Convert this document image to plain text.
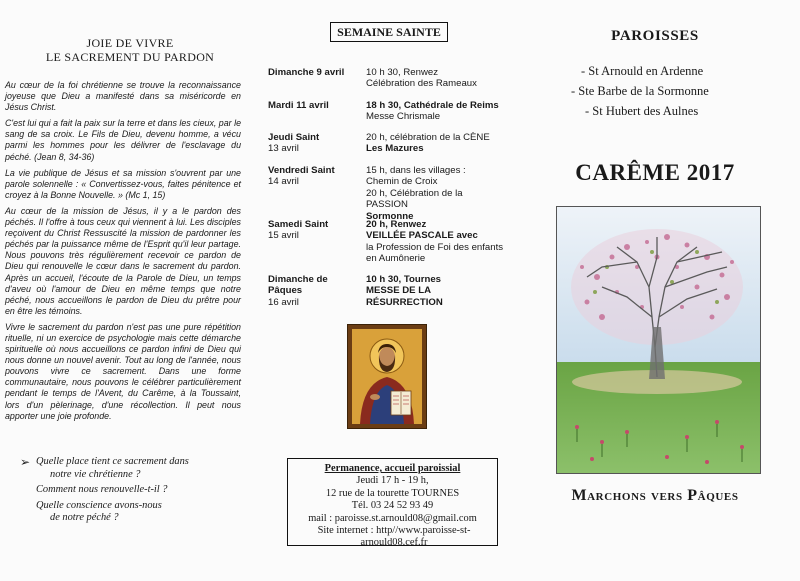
JOIE DE VIVRE
LE SACREMENT DU PARDON

Au cœur de la foi chrétienne se trouve la reconnaissance joyeuse que Dieu a manifesté dans sa miséricorde en Jésus Christ.

C'est lui qui a fait la paix sur la terre et dans les cieux, par le sang de sa croix. Le Fils de Dieu, devenu homme, a vécu parmi les hommes pour les délivrer de l'esclavage du péché. (Jean 8, 34-36)

La vie publique de Jésus et sa mission s'ouvrent par une parole solennelle : « Convertissez-vous, faites pénitence et croyez à la Bonne Nouvelle. » (Mc 1, 15)

Au cœur de la mission de Jésus, il y a le pardon des péchés. Il l'offre à tous ceux qui viennent à lui. Les disciples reçoivent du Christ Ressuscité la mission de pardonner les péchés par la puissance même de l'Esprit qu'il leur partage. Nous pouvons très régulièrement recevoir ce pardon de Dieu qui renouvelle le cœur dans le sacrement du pardon. Après un accueil, l'écoute de la Parole de Dieu, un temps d'aveu où l'amour de Dieu en même temps que notre péché, nous accueillons le pardon de Dieu du prêtre pour en être les témoins.

Vivre le sacrement du pardon n'est pas une pure répétition rituelle, ni un exercice de psychologie mais cette démarche spirituelle où nous accueillons ce pardon infini de Dieu qui nous donne un nouvel avenir. Tout au long de l'année, nous pouvons vivre ce sacrement. Dans une forme communautaire, nous pouvons le célébrer particulièrement pendant le temps de l'Avent, du Carême, à la Toussaint, lors d'un pèlerinage, d'une récollection. Il peut nous apporter une joie profonde.

➢ Quelle place tient ce sacrement dans
notre vie chrétienne ?
Comment nous renouvelle-t-il ?
Quelle conscience avons-nous
de notre péché ?
SEMAINE SAINTE
Dimanche 9 avril	10 h 30, Renwez
Célébration des Rameaux
Mardi 11 avril	18 h 30, Cathédrale de Reims
Messe Chrismale
Jeudi Saint
13 avril
20 h, célébration de la CÈNE
Les Mazures
Vendredi Saint
14 avril
15 h, dans les villages :
Chemin de Croix
20 h, Célébration de la PASSION
Sormonne
Samedi Saint
15 avril
20 h, Renwez
VEILLÉE PASCALE avec
la Profession de Foi des enfants
en Aumônerie
Dimanche de Pâques
16 avril
10 h 30, Tournes
MESSE DE LA RÉSURRECTION
Permanence, accueil paroissial
Jeudi 17 h - 19 h,
12 rue de la tourette TOURNES
Tél. 03 24 52 93 49
mail : paroisse.st.arnould08@gmail.com
Site internet : http//www.paroisse-st-arnould08.cef.fr
PAROISSES
- St Arnould en Ardenne
- Ste Barbe de la Sormonne
- St Hubert des Aulnes
CARÊME 2017
Marchons vers Pâques
